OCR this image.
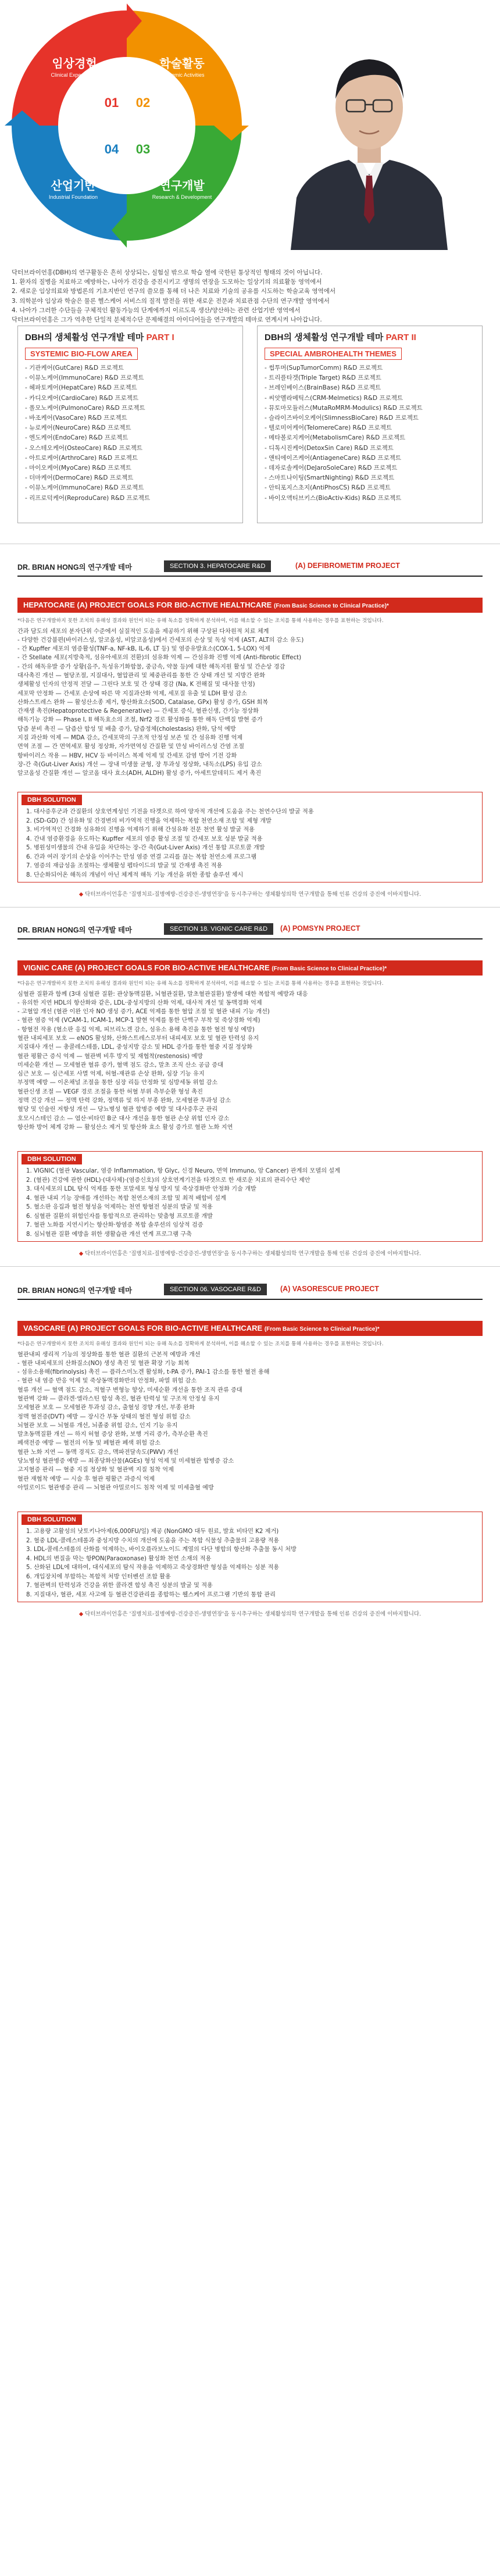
임상경험
Clinical Experiences
학술활동
Academic Activities
연구개발
Research & Development
산업기반
Industrial Foundation
01 02
03
04

닥터브라이언홍(DBH)의 연구활동은 흔히 상상되는, 실험실 밖으로 학습 열에 국한된 통상적인 형태의 것이 아닙니다.

1. 환자의 질병을 치료하고 예방하는, 나아가 건강을 증진시키고 생명의 연장을 도모하는 일상기의 의료활동 영역에서

2. 새로운 임상의료와 방법론의 기초지반인 연구의 쓸모를 통해 더 나은 치료와 기술의 공유를 시도하는 학술교육 영역에서

3. 의학분야 임상과 학술은 물론 헬스케어 서비스의 질적 발전을 위한 새로운 전문과 치료관점 수단의 연구개발 영역에서

4. 나아가 그러한 수단들을 구체적인 활동가능의 단계에까지 이르도록 생산/양산하는 관련 산업기반 영역에서

닥터브라이언홍은 그가 역추한 단일적 분체적수단 문제해결의 아이디어들을 연구개발의 테마로 연계시켜 나아갑니다.

DBH의 생체활성 연구개발 테마 PART I
SYSTEMIC BIO-FLOW AREA
- 기관케어(GutCare) R&D 프로젝트
- 이뮤노케어(ImmunoCare) R&D 프로젝트
- 헤파토케어(HepatCare) R&D 프로젝트
- 카디오케어(CardioCare) R&D 프로젝트
- 폴모노케어(PulmonoCare) R&D 프로젝트
- 바조케어(VasoCare) R&D 프로젝트
- 뉴로케어(NeuroCare) R&D 프로젝트
- 엔도케어(EndoCare) R&D 프로젝트
- 오스테오케어(OsteoCare) R&D 프로젝트
- 아트로케어(ArthroCare) R&D 프로젝트
- 마이오케어(MyoCare) R&D 프로젝트
- 더마케어(DermoCare) R&D 프로젝트
- 이뮤노케어(ImmunoCare) R&D 프로젝트
- 리프로덕케어(ReproduCare) R&D 프로젝트
DBH의 생체활성 연구개발 테마 PART II
SPECIAL AMBROHEALTH THEMES
- 썹투머(SupTumorComm) R&D 프로젝트
- 트리플타겟(Triple Target) R&D 프로젝트
- 브레인베이스(BrainBase) R&D 프로젝트
- 씨앗멜라메틱스(CRM-Melmetics) R&D 프로젝트
- 뮤토마모듈러스(MutaRoMRM-Modulics) R&D 프로젝트
- 슬라이즈바이오케어(SlimnessBioCare) R&D 프로젝트
- 텔로미어케어(TelomereCare) R&D 프로젝트
- 메타볼로지케어(MetabolismCare) R&D 프로젝트
- 디톡시진케어(DetoxSin Care) R&D 프로젝트
- 앤티에이즈케어(AntiageneCare) R&D 프로젝트
- 데자로솔케어(DeJaroSoleCare) R&D 프로젝트
- 스마트나이팅(SmartNighting) R&D 프로젝트
- 안티포지스초지(AntiPhosCS) R&D 프로젝트
- 바이오액티브키스(BioActiv-Kids) R&D 프로젝트
DR. BRIAN HONG의 연구개발 테마	SECTION 3. HEPATOCARE R&D	(A) DEFIBROMETIM PROJECT
HEPATOCARE (A) PROJECT GOALS FOR BIO-ACTIVE HEALTHCARE (From Basic Science to Clinical Practice)*

*다음은 연구개발하지 못한 조치의 유해성 결과와 원인이 되는 유해 독소를 정확하게 분석하여, 이를 해소할 수 있는 조치를 통해 사용하는 경우를 표현하는 것입니다.

간과 담도의 세포의 분자단위 수준에서 실질적인 도움을 제공하기 위해 구상된 다차원적 치료 체계

- 다양한 건강불편(바이러스성, 알코올성, 비알코올성)에서 간세포의 손상 및 독성 억제 (AST, ALT의 감소 유도)

- 간 Kupffer 세포의 염증활성(TNF-a, NF-kB, IL-6, LT 등) 및 염증유발효소(COX-1, 5-LOX) 억제

- 간 Stellate 세포(지방축적, 섬유아세포의 전환)의 섬유화 억제 — 간섬유화 진행 억제 (Anti-fibrotic Effect)

- 간의 해독유발 증가 상황(음주, 독성유기화합물, 중금속, 약물 등)에 대한 해독지원 활성 및 간손상 경감

대사촉진 개선 — 혈당조절, 지질대사, 혈압관리 및 체중관리를 통한 간 상태 개선 및 지방간 완화

생체활성 인자의 안정적 전달 — 그린다 보호 및 간 상태 경감 (Na, K 전해질 및 대사물 안정)

세포막 안정화 — 간세포 손상에 따른 막 지질과산화 억제, 세포질 유출 및 LDH 활성 감소

산화스트레스 완화 — 활성산소종 제거, 항산화효소(SOD, Catalase, GPx) 활성 증가, GSH 회복

간재생 촉진(Hepatoprotective & Regenerative) — 간세포 증식, 혈관신생, 간기능 정상화

해독기능 강화 — Phase I, II 해독효소의 조절, Nrf2 경로 활성화를 통한 해독 단백질 발현 증가

담즙 분비 촉진 — 담즙산 합성 및 배출 증가, 담즙정체(cholestasis) 완화, 담석 예방

지질 과산화 억제 — MDA 감소, 간세포막의 구조적 안정성 보존 및 간 섬유화 진행 억제

면역 조절 — 간 면역세포 활성 정상화, 자가면역성 간질환 및 만성 바이러스성 간염 조절

항바이러스 작용 — HBV, HCV 등 바이러스 복제 억제 및 간세포 감염 방어 기전 강화

장-간 축(Gut-Liver Axis) 개선 — 장내 미생물 균형, 장 투과성 정상화, 내독소(LPS) 유입 감소

알코올성 간질환 개선 — 알코올 대사 효소(ADH, ALDH) 활성 증가, 아세트알데히드 제거 촉진

DBH SOLUTION
1. 대사증후군과 간질환의 상호연계성인 기전을 타겟으로 하여 양자적 개선에 도움을 주는 천연수단의 발굴 적용
2. (SD-GD) 간 섬유화 및 간경변의 비가역적 진행을 억제하는 복합 천연소재 조합 및 제형 개발
3. 비가역적인 간경화 섬유화의 진행을 억제하기 위해 간섬유화 전문 천연 활성 발굴 적용
4. 간내 염증환경을 유도하는 Kupffer 세포의 염증 활성 조절 및 간세포 보호 성분 발굴 적용
5. 병원성미생물의 간내 유입을 차단하는 장-간 축(Gut-Liver Axis) 개선 통합 프로토콜 개발
6. 간과 여러 장기의 손상을 이어주는 만성 염증 연결 고리를 끊는 복합 천연소재 프로그램
7. 염증의 재급성을 조절하는 생체활성 펩타이드의 발굴 및 간재생 촉진 적용
8. 단순화되어온 해독의 개념이 아닌 체계적 해독 기능 개선을 위한 종합 솔루션 제시
◆ 닥터브라이언홍은 '질병치료-질병예방-건강증진-생명연장'을 동시추구하는 생체활성의학 연구개발을 통해 인류 건강의 증진에 이바지합니다.
DR. BRIAN HONG의 연구개발 테마	SECTION 18. VIGNIC CARE R&D	(A) POMSYN PROJECT
VIGNIC CARE (A) PROJECT GOALS FOR BIO-ACTIVE HEALTHCARE (From Basic Science to Clinical Practice)*

*다음은 연구개발하지 못한 조치의 유해성 결과와 원인이 되는 유해 독소를 정확하게 분석하여, 이를 해소할 수 있는 조치를 통해 사용하는 경우를 표현하는 것입니다.

심혈관 질환과 함께 (3대 심혈관 질환: 관상동맥질환, 뇌혈관질환, 말초혈관질환) 발생에 대한 복합적 예방과 대응

- 유의한 지연 HDL의 항산화와 같은, LDL·중성지방의 산화 억제, 대사적 개선 및 동맥경화 억제

- 고혈압 개선 (혈관 이완 인자 NO 생성 증가, ACE 억제를 통한 혈압 조절 및 혈관 내피 기능 개선)

- 혈관 염증 억제 (VCAM-1, ICAM-1, MCP-1 발현 억제를 통한 단핵구 부착 및 죽상경화 억제)

- 항혈전 작용 (혈소판 응집 억제, 피브리노겐 감소, 섬유소 용해 촉진을 통한 혈전 형성 예방)

혈관 내피세포 보호 — eNOS 활성화, 산화스트레스로부터 내피세포 보호 및 혈관 탄력성 유지

지질대사 개선 — 총콜레스테롤, LDL, 중성지방 감소 및 HDL 증가를 통한 혈중 지질 정상화

혈관 평활근 증식 억제 — 혈관벽 비후 방지 및 재협착(restenosis) 예방

미세순환 개선 — 모세혈관 혈류 증가, 혈액 점도 감소, 말초 조직 산소 공급 증대

심근 보호 — 심근세포 사멸 억제, 허혈-재관류 손상 완화, 심장 기능 유지

부정맥 예방 — 이온채널 조절을 통한 심장 리듬 안정화 및 심방세동 위험 감소

혈관신생 조절 — VEGF 경로 조절을 통한 허혈 부위 측부순환 형성 촉진

정맥 건강 개선 — 정맥 탄력 강화, 정맥류 및 하지 부종 완화, 모세혈관 투과성 감소

혈당 및 인슐린 저항성 개선 — 당뇨병성 혈관 합병증 예방 및 대사증후군 관리

호모시스테인 감소 — 엽산·비타민 B군 대사 개선을 통한 혈관 손상 위험 인자 감소

항산화 방어 체계 강화 — 활성산소 제거 및 항산화 효소 활성 증가로 혈관 노화 지연

DBH SOLUTION
1. VIGNIC (혈관 Vascular, 염증 Inflammation, 항 Glyc, 신경 Neuro, 면역 Immuno, 암 Cancer) 관계의 모델의 설계
2. (혈관) 건강에 관한 (HDL)·(대사체)·(염증신호)의 상호연계기전을 타겟으로 한 새로운 치료의 관리수단 제안
3. 대식세포의 LDL 탐식 억제를 통한 포말세포 형성 방지 및 죽상경화반 안정화 기술 개발
4. 혈관 내피 기능 장애를 개선하는 복합 천연소재의 조합 및 최적 배합비 설계
5. 혈소판 응집과 혈전 형성을 억제하는 천연 항혈전 성분의 발굴 및 적용
6. 심혈관 질환의 위험인자를 통합적으로 관리하는 맞춤형 프로토콜 개발
7. 혈관 노화를 지연시키는 항산화·항염증 복합 솔루션의 임상적 검증
8. 심뇌혈관 질환 예방을 위한 생활습관 개선 연계 프로그램 구축
◆ 닥터브라이언홍은 '질병치료-질병예방-건강증진-생명연장'을 동시추구하는 생체활성의학 연구개발을 통해 인류 건강의 증진에 이바지합니다.
DR. BRIAN HONG의 연구개발 테마	SECTION 06. VASOCARE R&D	(A) VASORESCUE PROJECT
VASOCARE (A) PROJECT GOALS FOR BIO-ACTIVE HEALTHCARE (From Basic Science to Clinical Practice)*

*다음은 연구개발하지 못한 조치의 유해성 결과와 원인이 되는 유해 독소를 정확하게 분석하여, 이를 해소할 수 있는 조치를 통해 사용하는 경우를 표현하는 것입니다.

혈관내피 생리적 기능의 정상화를 통한 혈관 질환의 근본적 예방과 개선

- 혈관 내피세포의 산화질소(NO) 생성 촉진 및 혈관 확장 기능 회복

- 섬유소용해(fibrinolysis) 촉진 — 플라스미노겐 활성화, t-PA 증가, PAI-1 감소를 통한 혈전 용해

- 혈관 내 염증 반응 억제 및 죽상동맥경화반의 안정화, 파열 위험 감소

혈류 개선 — 혈액 점도 감소, 적혈구 변형능 향상, 미세순환 개선을 통한 조직 관류 증대

혈관벽 강화 — 콜라겐·엘라스틴 합성 촉진, 혈관 탄력성 및 구조적 안정성 유지

모세혈관 보호 — 모세혈관 투과성 감소, 출혈성 경향 개선, 부종 완화

정맥 혈전증(DVT) 예방 — 장시간 부동 상태의 혈전 형성 위험 감소

뇌혈관 보호 — 뇌혈류 개선, 뇌졸중 위험 감소, 인지 기능 유지

말초동맥질환 개선 — 하지 허혈 증상 완화, 보행 거리 증가, 측부순환 촉진

폐색전증 예방 — 혈전의 이동 및 폐혈관 폐색 위험 감소

혈관 노화 지연 — 동맥 경직도 감소, 맥파전달속도(PWV) 개선

당뇨병성 혈관병증 예방 — 최종당화산물(AGEs) 형성 억제 및 미세혈관 합병증 감소

고지혈증 관리 — 혈중 지질 정상화 및 혈관벽 지질 침착 억제

혈관 재협착 예방 — 시술 후 혈관 평활근 과증식 억제

아밀로이드 혈관병증 관리 — 뇌혈관 아밀로이드 침착 억제 및 미세출혈 예방

DBH SOLUTION
1. 고용량 고활성의 낫토키나아제(6,000FU/일) 제공 (NonGMO 대두 원료, 발효 비타민 K2 제거)
2. 혈중 LDL·콜레스테롤과 중성지방 수치의 개선에 도움을 주는 복합 식물성 추출물의 고용량 적용
3. LDL-콜레스테롤의 산화를 억제하는, 바이오플라보노이드 계열의 다단 병합의 항산화 추출물 동시 처방
4. HDL의 변질을 막는 항PON(Paraoxonase) 활성화 천연 소재의 적용
5. 산화된 LDL에 대하여, 대식세포의 탐식 작용을 억제하고 죽상경화반 형성을 억제하는 성분 적용
6. 개입장치에 부합하는 복합적 처방 인터벤션 조합 활용
7. 혈관벽의 탄력성과 건강을 위한 콜라겐 합성 촉진 성분의 발굴 및 적용
8. 지질대사, 혈관, 세포 사고에 등 혈관건강관리를 종합하는 웰스케어 프로그램 기반의 통합 관리
◆ 닥터브라이언홍은 '질병치료-질병예방-건강증진-생명연장'을 동시추구하는 생체활성의학 연구개발을 통해 인류 건강의 증진에 이바지합니다.
